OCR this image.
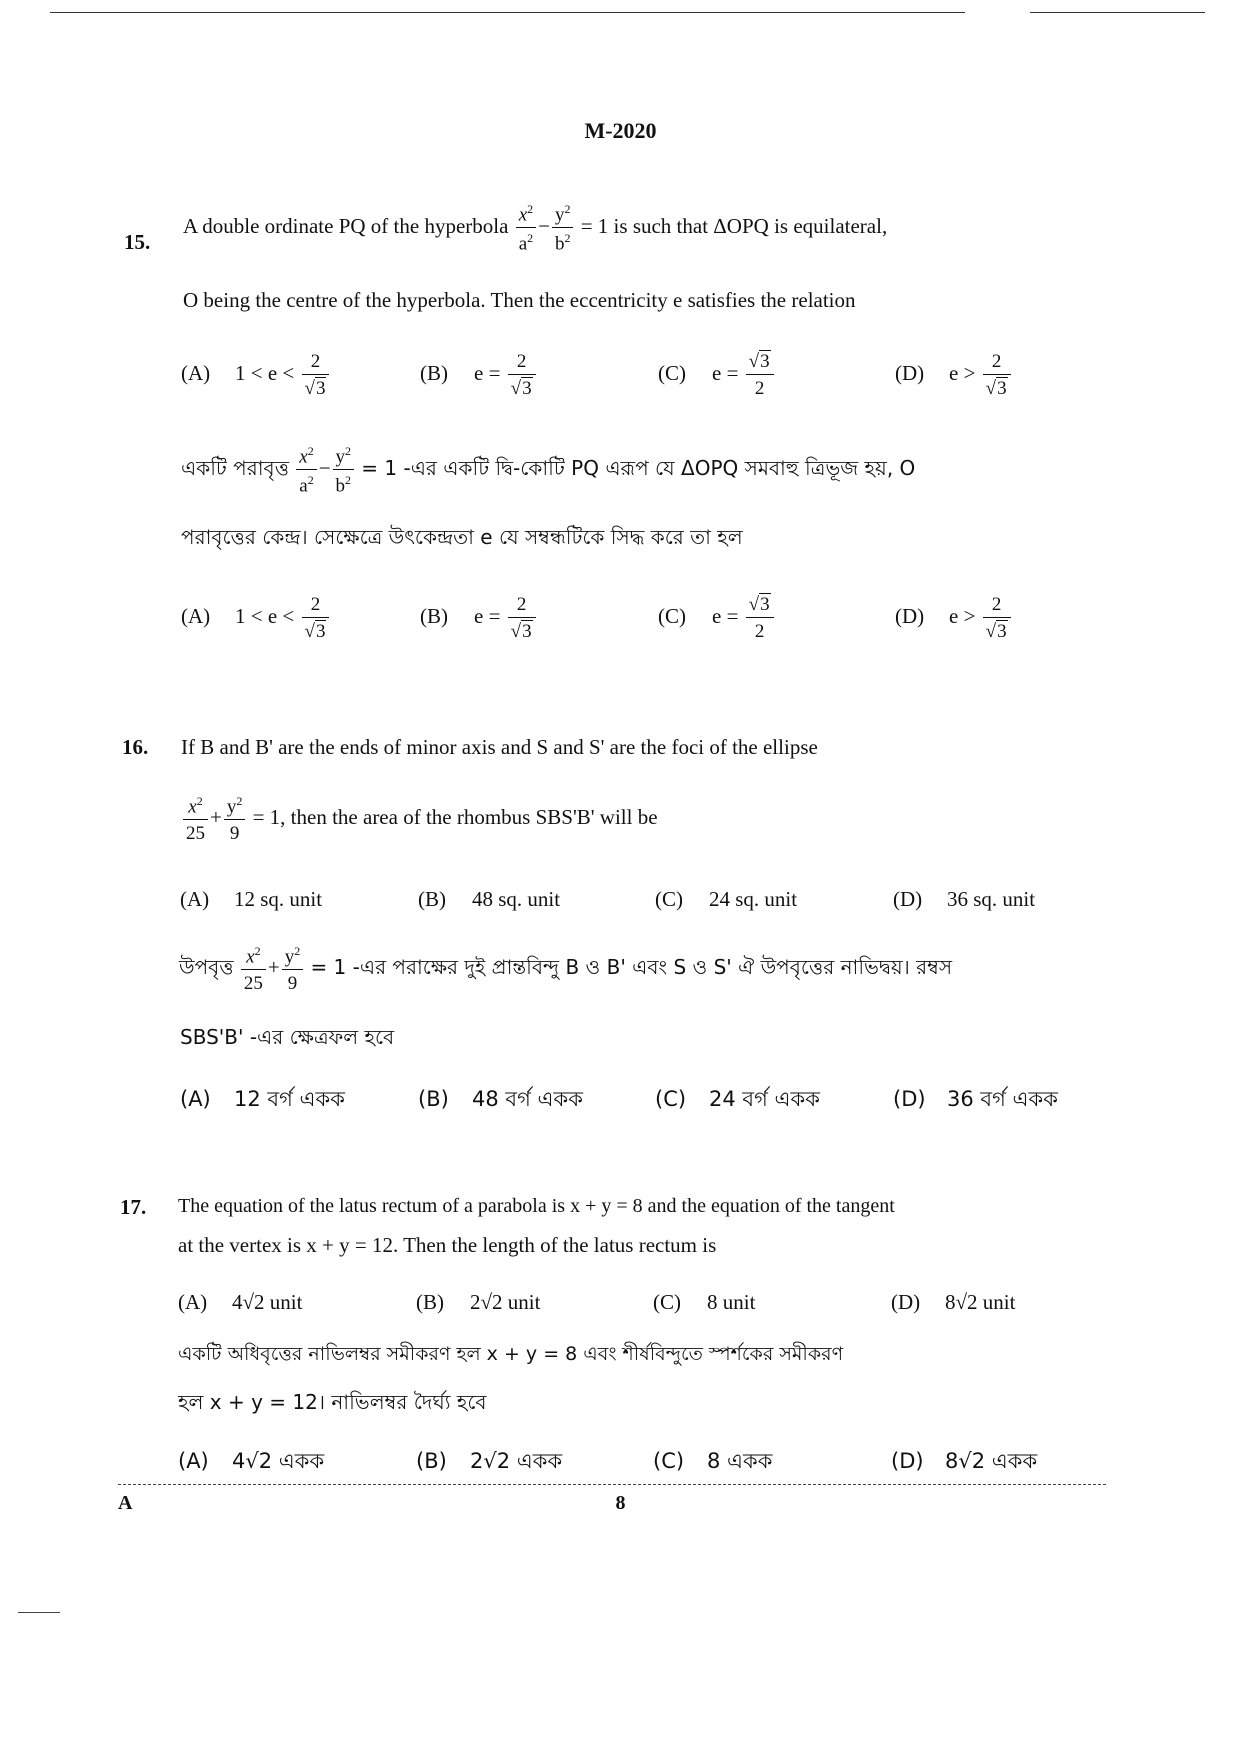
M-2020
15.
A double ordinate PQ of the hyperbola $\frac{x^2}{a^2} - \frac{y^2}{b^2} = 1$ is such that ΔOPQ is equilateral,
O being the centre of the hyperbola. Then the eccentricity e satisfies the relation
(A) $1 < e < \frac{2}{√3}$	(B) $e = \frac{2}{√3}$	(C) $e = \frac{√3}{2}$	(D) $e > \frac{2}{√3}$
একটি পরাবৃত্ত $\frac{x^2}{a^2} - \frac{y^2}{b^2} = 1$ -এর একটি দ্বি-কোটি PQ এরূপ যে ΔOPQ সমবাহু ত্রিভূজ হয়, O
পরাবৃত্তের কেন্দ্র। সেক্ষেত্রে উৎকেন্দ্রতা e যে সম্বন্ধটিকে সিদ্ধ করে তা হল
(A) $1 < e < \frac{2}{√3}$	(B) $e = \frac{2}{√3}$	(C) $e = \frac{√3}{2}$	(D) $e > \frac{2}{√3}$
16. If B and B' are the ends of minor axis and S and S' are the foci of the ellipse
$\frac{x^2}{25} + \frac{y^2}{9} = 1$, then the area of the rhombus SBS'B' will be
(A) 12 sq. unit	(B) 48 sq. unit	(C) 24 sq. unit	(D) 36 sq. unit
উপবৃত্ত $\frac{x^2}{25} + \frac{y^2}{9} = 1$ -এর পরাক্ষের দুই প্রান্তবিন্দু B ও B' এবং S ও S' ঐ উপবৃত্তের নাভিদ্বয়। রম্বস
SBS'B' -এর ক্ষেত্রফল হবে
(A) 12 বর্গ একক	(B) 48 বর্গ একক	(C) 24 বর্গ একক	(D) 36 বর্গ একক
17. The equation of the latus rectum of a parabola is x + y = 8 and the equation of the tangent
at the vertex is x + y = 12. Then the length of the latus rectum is
(A) 4√2 unit	(B) 2√2 unit	(C) 8 unit	(D) 8√2 unit
একটি অধিবৃত্তের নাভিলম্বর সমীকরণ হল x + y = 8 এবং শীর্ষবিন্দুতে স্পর্শকের সমীকরণ
হল x + y = 12। নাভিলম্বর দৈর্ঘ্য হবে
(A) 4√2 একক	(B) 2√2 একক	(C) 8 একক	(D) 8√2 একক
A	8
